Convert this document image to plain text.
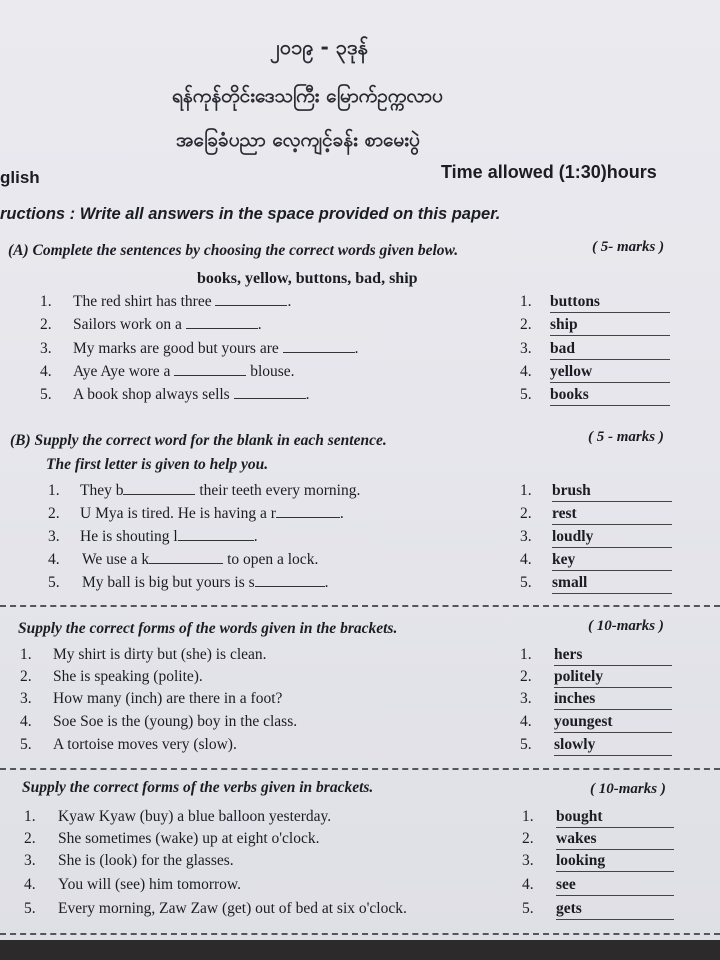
၂၀၁၉ - ၃ဒုန်
ရန်ကုန်တိုင်းဒေသကြီး မြောက်ဥက္ကလာပ
အခြေခံပညာ လေ့ကျင့်ခန်း စာမေးပွဲ
glish	Time allowed (1:30)hours
ructions : Write all answers in the space provided on this paper.
(A) Complete the sentences by choosing the correct words given below.	( 5- marks )
books, yellow, buttons, bad, ship
1. The red shirt has three	.	1. buttons
2. Sailors work on a	.	2. ship
3. My marks are good but yours are	.	3. bad
4. Aye Aye wore a	blouse.	4. yellow
5. A book shop always sells	.	5. books
(B) Supply the correct word for the blank in each sentence.	( 5 - marks )
The first letter is given to help you.
1. They b	their teeth every morning.	1. brush
2. U Mya is tired. He is having a r	.	2. rest
3. He is shouting l	.	3. loudly
4. We use a k	to open a lock.	4. key
5. My ball is big but yours is s	.	5. small
Supply the correct forms of the words given in the brackets.	( 10-marks )
1. My shirt is dirty but (she) is clean.	1. hers
2. She is speaking (polite).	2. politely
3. How many (inch) are there in a foot?	3. inches
4. Soe Soe is the (young) boy in the class.	4. youngest
5. A tortoise moves very (slow).	5. slowly
Supply the correct forms of the verbs given in brackets.	( 10-marks )
1. Kyaw Kyaw (buy) a blue balloon yesterday.	1. bought
2. She sometimes (wake) up at eight o'clock.	2. wakes
3. She is (look) for the glasses.	3. looking
4. You will (see) him tomorrow.	4. see
5. Every morning, Zaw Zaw (get) out of bed at six o'clock.	5. gets
